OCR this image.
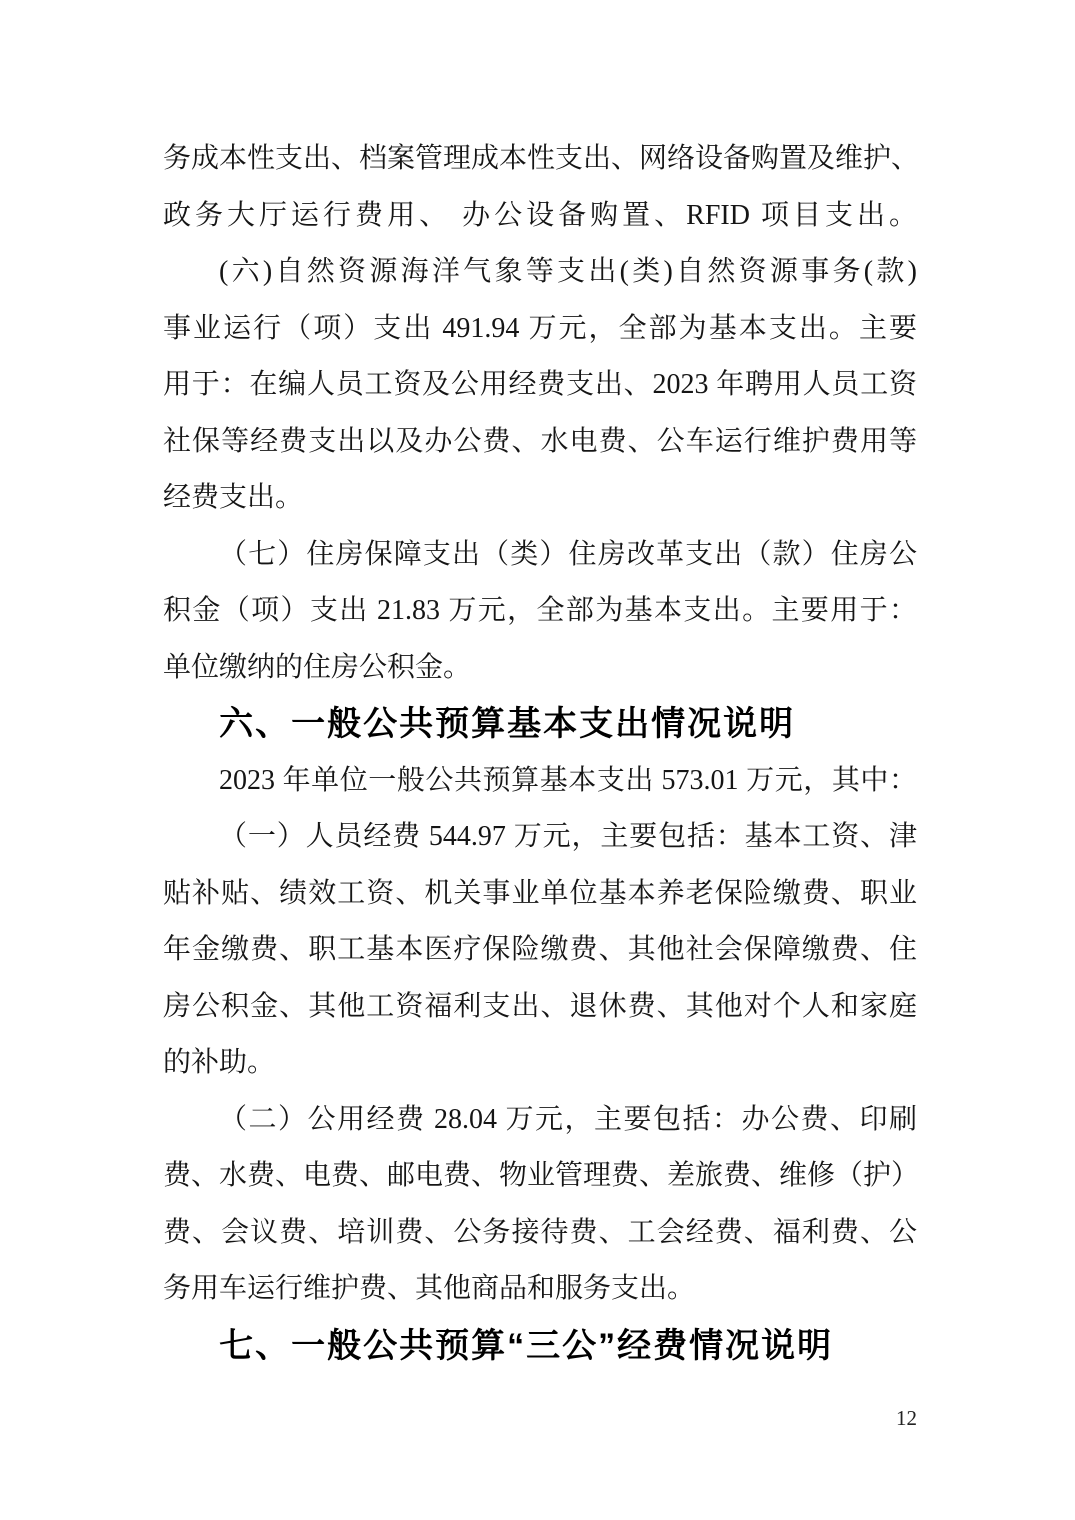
务成本性支出、档案管理成本性支出、网络设备购置及维护、
政务大厅运行费用、 办公设备购置、RFID 项目支出。
(六)自然资源海洋气象等支出(类)自然资源事务(款)
事业运行（项）支出 491.94 万元，全部为基本支出。主要
用于：在编人员工资及公用经费支出、2023 年聘用人员工资
社保等经费支出以及办公费、水电费、公车运行维护费用等
经费支出。
（七）住房保障支出（类）住房改革支出（款）住房公
积金（项）支出 21.83 万元，全部为基本支出。主要用于：
单位缴纳的住房公积金。
六、一般公共预算基本支出情况说明
2023 年单位一般公共预算基本支出 573.01 万元，其中：
（一）人员经费 544.97 万元，主要包括：基本工资、津
贴补贴、绩效工资、机关事业单位基本养老保险缴费、职业
年金缴费、职工基本医疗保险缴费、其他社会保障缴费、住
房公积金、其他工资福利支出、退休费、其他对个人和家庭
的补助。
（二）公用经费 28.04 万元，主要包括：办公费、印刷
费、水费、电费、邮电费、物业管理费、差旅费、维修（护）
费、会议费、培训费、公务接待费、工会经费、福利费、公
务用车运行维护费、其他商品和服务支出。
七、一般公共预算“三公”经费情况说明
12
